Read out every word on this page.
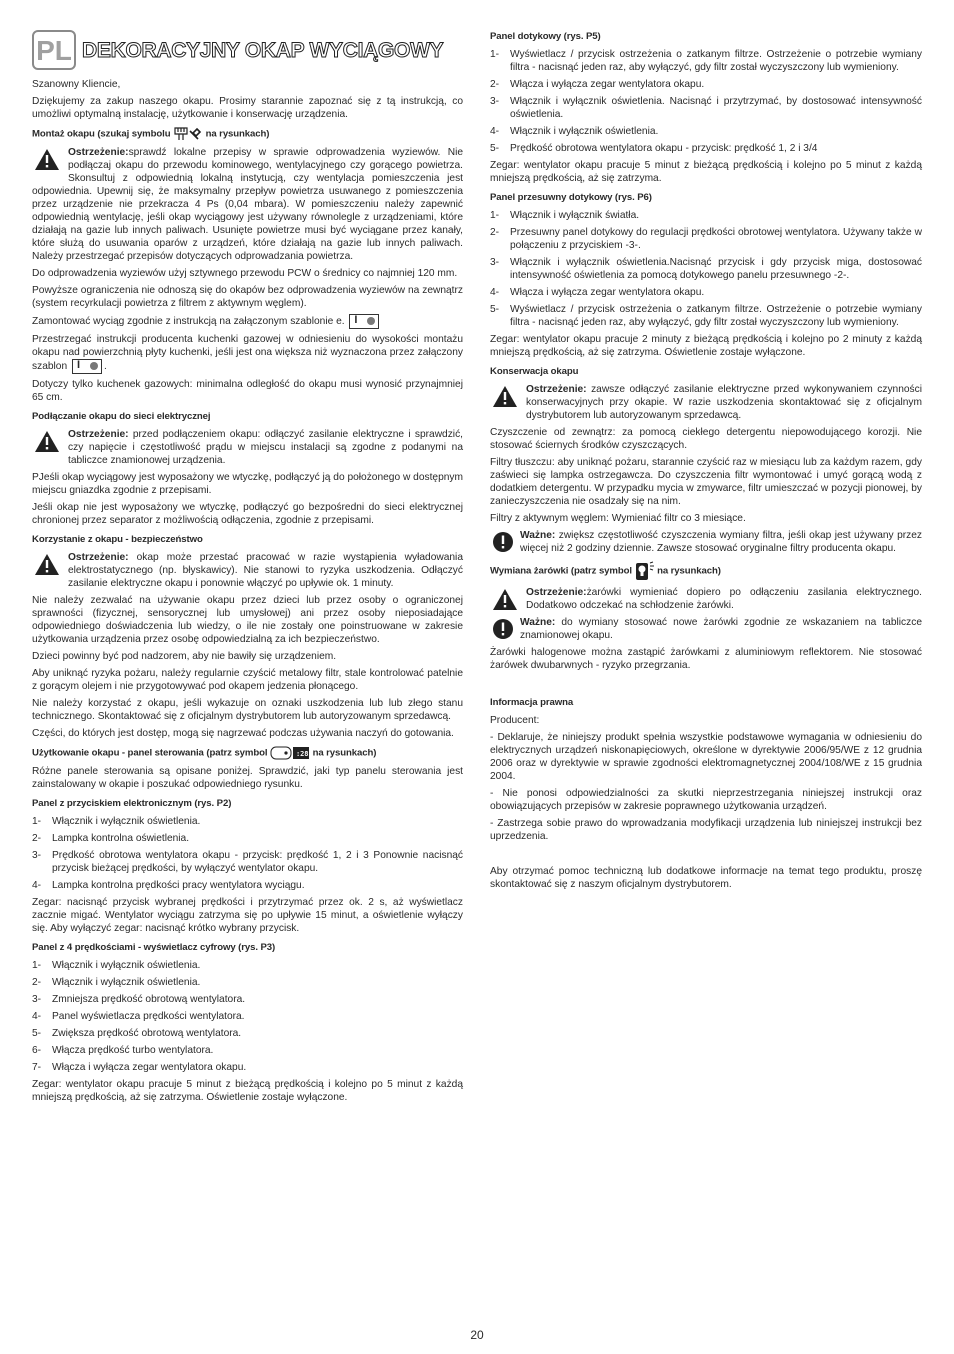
PL DEKORACYJNY OKAP WYCIĄGOWY

Szanowny Kliencie,

Dziękujemy za zakup naszego okapu. Prosimy starannie zapoznać się z tą instrukcją, co umożliwi optymalną instalację, użytkowanie i konserwację urządzenia.

Montaż okapu (szukaj symbolu	na rysunkach)
Ostrzeżenie:sprawdź lokalne przepisy w sprawie odprowadzenia wyziewów. Nie podłączaj okapu do przewodu kominowego, wentylacyjnego czy gorącego powietrza. Skonsultuj z odpowiednią lokalną instytucją, czy wentylacja pomieszczenia jest odpowiednia. Upewnij się, że maksymalny przepływ powietrza usuwanego z pomieszczenia przez urządzenie nie przekracza 4 Ps (0,04 mbara). W pomieszczeniu należy zapewnić odpowiednią wentylację, jeśli okap wyciągowy jest używany równolegle z urządzeniami, które działają na gazie lub innych paliwach. Usunięte powietrze musi być wyciągane przez kanały, które służą do usuwania oparów z urządzeń, które działają na gazie lub innych paliwach. Należy przestrzegać przepisów dotyczących odprowadzania powietrza.

Do odprowadzenia wyziewów użyj sztywnego przewodu PCW o średnicy co najmniej 120 mm.

Powyższe ograniczenia nie odnoszą się do okapów bez odprowadzenia wyziewów na zewnątrz (system recyrkulacji powietrza z filtrem z aktywnym węglem).

Zamontować wyciąg zgodnie z instrukcją na załączonym szablonie e. I

Przestrzegać instrukcji producenta kuchenki gazowej w odniesieniu do wysokości montażu okapu nad powierzchnią płyty kuchenki, jeśli jest ona większa niż wyznaczona przez załączony szablon I	.

Dotyczy tylko kuchenek gazowych: minimalna odległość do okapu musi wynosić przynajmniej 65 cm.

Podłączanie okapu do sieci elektrycznej
Ostrzeżenie: przed podłączeniem okapu: odłączyć zasilanie elektryczne i sprawdzić, czy napięcie i częstotliwość prądu w miejscu instalacji są zgodne z podanymi na tabliczce znamionowej urządzenia.

PJeśli okap wyciągowy jest wyposażony we wtyczkę, podłączyć ją do położonego w dostępnym miejscu gniazdka zgodnie z przepisami.

Jeśli okap nie jest wyposażony we wtyczkę, podłączyć go bezpośredni do sieci elektrycznej chronionej przez separator z możliwością odłączenia, zgodnie z przepisami.

Korzystanie z okapu - bezpieczeństwo
Ostrzeżenie: okap może przestać pracować w razie wystąpienia wyładowania elektrostatycznego (np. błyskawicy). Nie stanowi to ryzyka uszkodzenia. Odłączyć zasilanie elektryczne okapu i ponownie włączyć po upływie ok. 1 minuty.

Nie należy zezwalać na używanie okapu przez dzieci lub przez osoby o ograniczonej sprawności (fizycznej, sensorycznej lub umysłowej) ani przez osoby nieposiadające odpowiedniego doświadczenia lub wiedzy, o ile nie zostały one poinstruowane w zakresie użytkowania urządzenia przez osobę odpowiedzialną za ich bezpieczeństwo.

Dzieci powinny być pod nadzorem, aby nie bawiły się urządzeniem.

Aby uniknąć ryzyka pożaru, należy regularnie czyścić metalowy filtr, stale kontrolować patelnie z gorącym olejem i nie przygotowywać pod okapem jedzenia płonącego.

Nie należy korzystać z okapu, jeśli wykazuje on oznaki uszkodzenia lub lub złego stanu technicznego. Skontaktować się z oficjalnym dystrybutorem lub autoryzowanym sprzedawcą.

Części, do których jest dostęp, mogą się nagrzewać podczas używania naczyń do gotowania.

Użytkowanie okapu - panel sterowania (patrz symbol	:28 na rysunkach)

Różne panele sterowania są opisane poniżej. Sprawdzić, jaki typ panelu sterowania jest zainstalowany w okapie i poszukać odpowiedniego rysunku.

Panel z przyciskiem elektronicznym (rys. P2)
1- Włącznik i wyłącznik oświetlenia.
2- Lampka kontrolna oświetlenia.
3- Prędkość obrotowa wentylatora okapu - przycisk: prędkość 1, 2 i 3 Ponownie nacisnąć przycisk bieżącej prędkości, by wyłączyć wentylator okapu.
4- Lampka kontrolna prędkości pracy wentylatora wyciągu.

Zegar: nacisnąć przycisk wybranej prędkości i przytrzymać przez ok. 2 s, aż wyświetlacz zacznie migać. Wentylator wyciągu zatrzyma się po upływie 15 minut, a oświetlenie wyłączy się. Aby wyłączyć zegar: nacisnąć krótko wybrany przycisk.

Panel z 4 prędkościami - wyświetlacz cyfrowy (rys. P3)
1- Włącznik i wyłącznik oświetlenia.
2- Włącznik i wyłącznik oświetlenia.
3- Zmniejsza prędkość obrotową wentylatora.
4- Panel wyświetlacza prędkości wentylatora.
5- Zwiększa prędkość obrotową wentylatora.
6- Włącza prędkość turbo wentylatora.
7- Włącza i wyłącza zegar wentylatora okapu.

Zegar: wentylator okapu pracuje 5 minut z bieżącą prędkością i kolejno po 5 minut z każdą mniejszą prędkością, aż się zatrzyma. Oświetlenie zostaje wyłączone.

Panel dotykowy (rys. P5)
1- Wyświetlacz / przycisk ostrzeżenia o zatkanym filtrze. Ostrzeżenie o potrzebie wymiany filtra - nacisnąć jeden raz, aby wyłączyć, gdy filtr został wyczyszczony lub wymieniony.
2- Włącza i wyłącza zegar wentylatora okapu.
3- Włącznik i wyłącznik oświetlenia. Nacisnąć i przytrzymać, by dostosować intensywność oświetlenia.
4- Włącznik i wyłącznik oświetlenia.
5- Prędkość obrotowa wentylatora okapu - przycisk: prędkość 1, 2 i 3/4

Zegar: wentylator okapu pracuje 5 minut z bieżącą prędkością i kolejno po 5 minut z każdą mniejszą prędkością, aż się zatrzyma.

Panel przesuwny dotykowy (rys. P6)
1- Włącznik i wyłącznik światła.
2- Przesuwny panel dotykowy do regulacji prędkości obrotowej wentylatora. Używany także w połączeniu z przyciskiem -3-.
3- Włącznik i wyłącznik oświetlenia.Nacisnąć przycisk i gdy przycisk miga, dostosować intensywność oświetlenia za pomocą dotykowego panelu przesuwnego -2-.
4- Włącza i wyłącza zegar wentylatora okapu.
5- Wyświetlacz / przycisk ostrzeżenia o zatkanym filtrze. Ostrzeżenie o potrzebie wymiany filtra - nacisnąć jeden raz, aby wyłączyć, gdy filtr został wyczyszczony lub wymieniony.

Zegar: wentylator okapu pracuje 2 minuty z bieżącą prędkością i kolejno po 2 minuty z każdą mniejszą prędkością, aż się zatrzyma. Oświetlenie zostaje wyłączone.

Konserwacja okapu
Ostrzeżenie: zawsze odłączyć zasilanie elektryczne przed wykonywaniem czynności konserwacyjnych przy okapie. W razie uszkodzenia skontaktować się z oficjalnym dystrybutorem lub autoryzowanym sprzedawcą.

Czyszczenie od zewnątrz: za pomocą ciekłego detergentu niepowodującego korozji. Nie stosować ściernych środków czyszczących.

Filtry tłuszczu: aby uniknąć pożaru, starannie czyścić raz w miesiącu lub za każdym razem, gdy zaświeci się lampka ostrzegawcza. Do czyszczenia filtr wymontować i umyć gorącą wodą z dodatkiem detergentu. W przypadku mycia w zmywarce, filtr umieszczać w pozycji pionowej, by zanieczyszczenia nie osadzały się na nim.

Filtry z aktywnym węglem: Wymieniać filtr co 3 miesiące.

Ważne: zwiększ częstotliwość czyszczenia wymiany filtra, jeśli okap jest używany przez więcej niż 2 godziny dziennie. Zawsze stosować oryginalne filtry producenta okapu.
Wymiana żarówki (patrz symbol	na rysunkach)
Ostrzeżenie:żarówki wymieniać dopiero po odłączeniu zasilania elektrycznego. Dodatkowo odczekać na schłodzenie żarówki.
Ważne: do wymiany stosować nowe żarówki zgodnie ze wskazaniem na tabliczce znamionowej okapu.

Żarówki halogenowe można zastąpić żarówkami z aluminiowym reflektorem. Nie stosować żarówek dwubarwnych - ryzyko przegrzania.

Informacja prawna

Producent:

- Deklaruje, że niniejszy produkt spełnia wszystkie podstawowe wymagania w odniesieniu do elektrycznych urządzeń niskonapięciowych, określone w dyrektywie 2006/95/WE z 12 grudnia 2006 oraz w dyrektywie w sprawie zgodności elektromagnetycznej 2004/108/WE z 15 grudnia 2004.

- Nie ponosi odpowiedzialności za skutki nieprzestrzegania niniejszej instrukcji oraz obowiązujących przepisów w zakresie poprawnego użytkowania urządzeń.

- Zastrzega sobie prawo do wprowadzania modyfikacji urządzenia lub niniejszej instrukcji bez uprzedzenia.

Aby otrzymać pomoc techniczną lub dodatkowe informacje na temat tego produktu, proszę skontaktować się z naszym oficjalnym dystrybutorem.

20
